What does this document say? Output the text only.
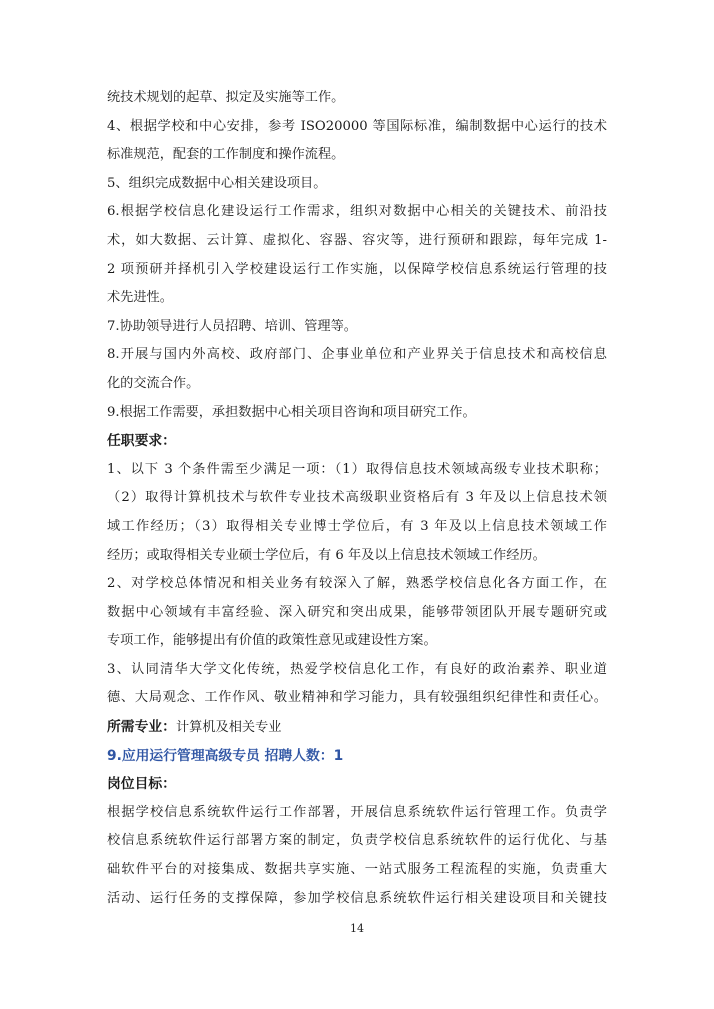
统技术规划的起草、拟定及实施等工作。
4、根据学校和中心安排，参考 ISO20000 等国际标准，编制数据中心运行的技术
标准规范，配套的工作制度和操作流程。
5、组织完成数据中心相关建设项目。
6.根据学校信息化建设运行工作需求，组织对数据中心相关的关键技术、前沿技
术，如大数据、云计算、虚拟化、容器、容灾等，进行预研和跟踪，每年完成 1-
2 项预研并择机引入学校建设运行工作实施，以保障学校信息系统运行管理的技
术先进性。
7.协助领导进行人员招聘、培训、管理等。
8.开展与国内外高校、政府部门、企事业单位和产业界关于信息技术和高校信息
化的交流合作。
9.根据工作需要，承担数据中心相关项目咨询和项目研究工作。
任职要求：
1、以下 3 个条件需至少满足一项：（1）取得信息技术领域高级专业技术职称；
（2）取得计算机技术与软件专业技术高级职业资格后有 3 年及以上信息技术领
域工作经历；（3）取得相关专业博士学位后，有 3 年及以上信息技术领域工作
经历；或取得相关专业硕士学位后，有 6 年及以上信息技术领域工作经历。
2、对学校总体情况和相关业务有较深入了解，熟悉学校信息化各方面工作，在
数据中心领域有丰富经验、深入研究和突出成果，能够带领团队开展专题研究或
专项工作，能够提出有价值的政策性意见或建设性方案。
3、认同清华大学文化传统，热爱学校信息化工作，有良好的政治素养、职业道
德、大局观念、工作作风、敬业精神和学习能力，具有较强组织纪律性和责任心。
所需专业：计算机及相关专业
9.应用运行管理高级专员 招聘人数：1
岗位目标：
根据学校信息系统软件运行工作部署，开展信息系统软件运行管理工作。负责学
校信息系统软件运行部署方案的制定，负责学校信息系统软件的运行优化、与基
础软件平台的对接集成、数据共享实施、一站式服务工程流程的实施，负责重大
活动、运行任务的支撑保障，参加学校信息系统软件运行相关建设项目和关键技
14
